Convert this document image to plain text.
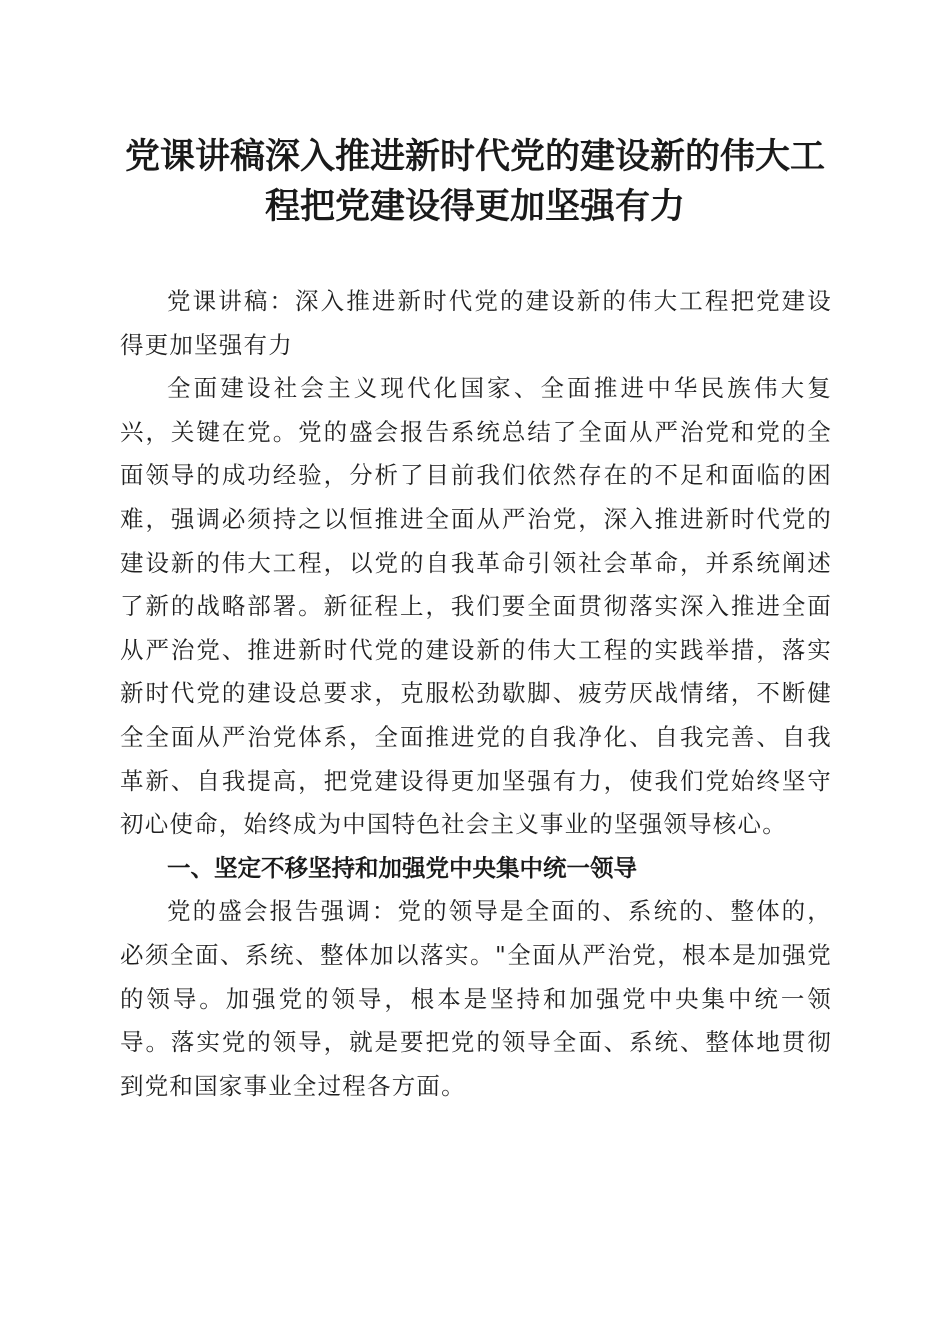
党课讲稿深入推进新时代党的建设新的伟大工程把党建设得更加坚强有力

党课讲稿：深入推进新时代党的建设新的伟大工程把党建设得更加坚强有力

全面建设社会主义现代化国家、全面推进中华民族伟大复兴，关键在党。党的盛会报告系统总结了全面从严治党和党的全面领导的成功经验，分析了目前我们依然存在的不足和面临的困难，强调必须持之以恒推进全面从严治党，深入推进新时代党的建设新的伟大工程，以党的自我革命引领社会革命，并系统阐述了新的战略部署。新征程上，我们要全面贯彻落实深入推进全面从严治党、推进新时代党的建设新的伟大工程的实践举措，落实新时代党的建设总要求，克服松劲歇脚、疲劳厌战情绪，不断健全全面从严治党体系，全面推进党的自我净化、自我完善、自我革新、自我提高，把党建设得更加坚强有力，使我们党始终坚守初心使命，始终成为中国特色社会主义事业的坚强领导核心。

一、坚定不移坚持和加强党中央集中统一领导

党的盛会报告强调：党的领导是全面的、系统的、整体的，必须全面、系统、整体加以落实。"全面从严治党，根本是加强党的领导。加强党的领导，根本是坚持和加强党中央集中统一领导。落实党的领导，就是要把党的领导全面、系统、整体地贯彻到党和国家事业全过程各方面。
